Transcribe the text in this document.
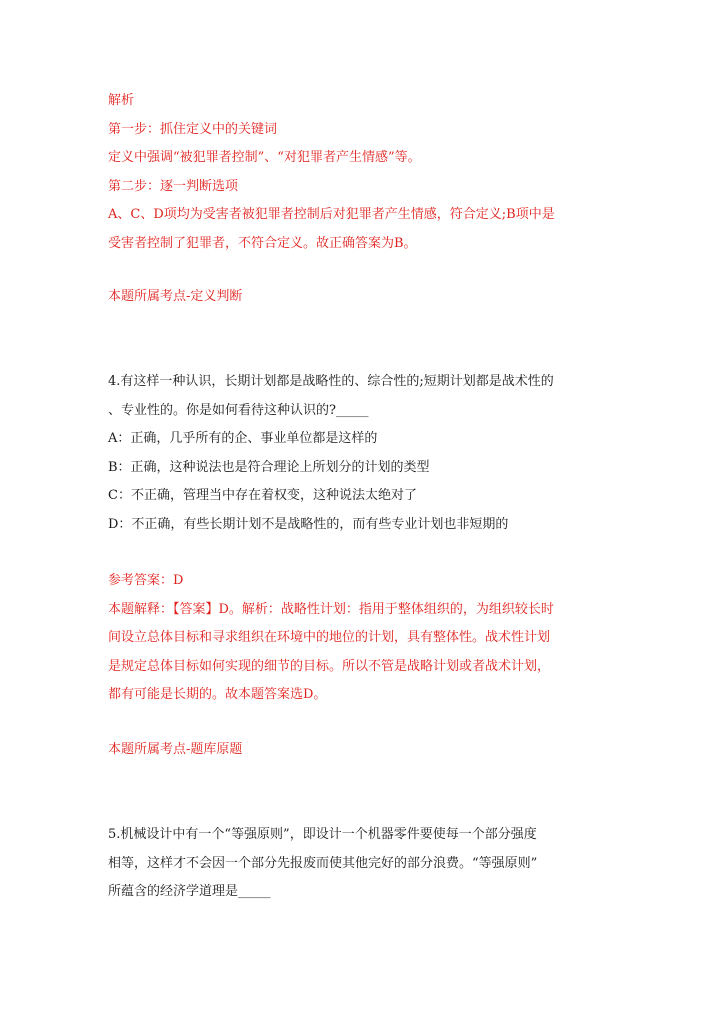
解析
第一步：抓住定义中的关键词
定义中强调“被犯罪者控制”、“对犯罪者产生情感”等。
第二步：逐一判断选项
A、C、D项均为受害者被犯罪者控制后对犯罪者产生情感，符合定义;B项中是
受害者控制了犯罪者，不符合定义。故正确答案为B。
本题所属考点-定义判断
4.有这样一种认识，长期计划都是战略性的、综合性的;短期计划都是战术性的
、专业性的。你是如何看待这种认识的?_____
A：正确，几乎所有的企、事业单位都是这样的
B：正确，这种说法也是符合理论上所划分的计划的类型
C：不正确，管理当中存在着权变，这种说法太绝对了
D：不正确，有些长期计划不是战略性的，而有些专业计划也非短期的
参考答案：D
本题解释：【答案】D。解析：战略性计划：指用于整体组织的，为组织较长时
间设立总体目标和寻求组织在环境中的地位的计划，具有整体性。战术性计划
是规定总体目标如何实现的细节的目标。所以不管是战略计划或者战术计划，
都有可能是长期的。故本题答案选D。
本题所属考点-题库原题
5.机械设计中有一个“等强原则”，即设计一个机器零件要使每一个部分强度
相等，这样才不会因一个部分先报废而使其他完好的部分浪费。“等强原则”
所蕴含的经济学道理是_____
